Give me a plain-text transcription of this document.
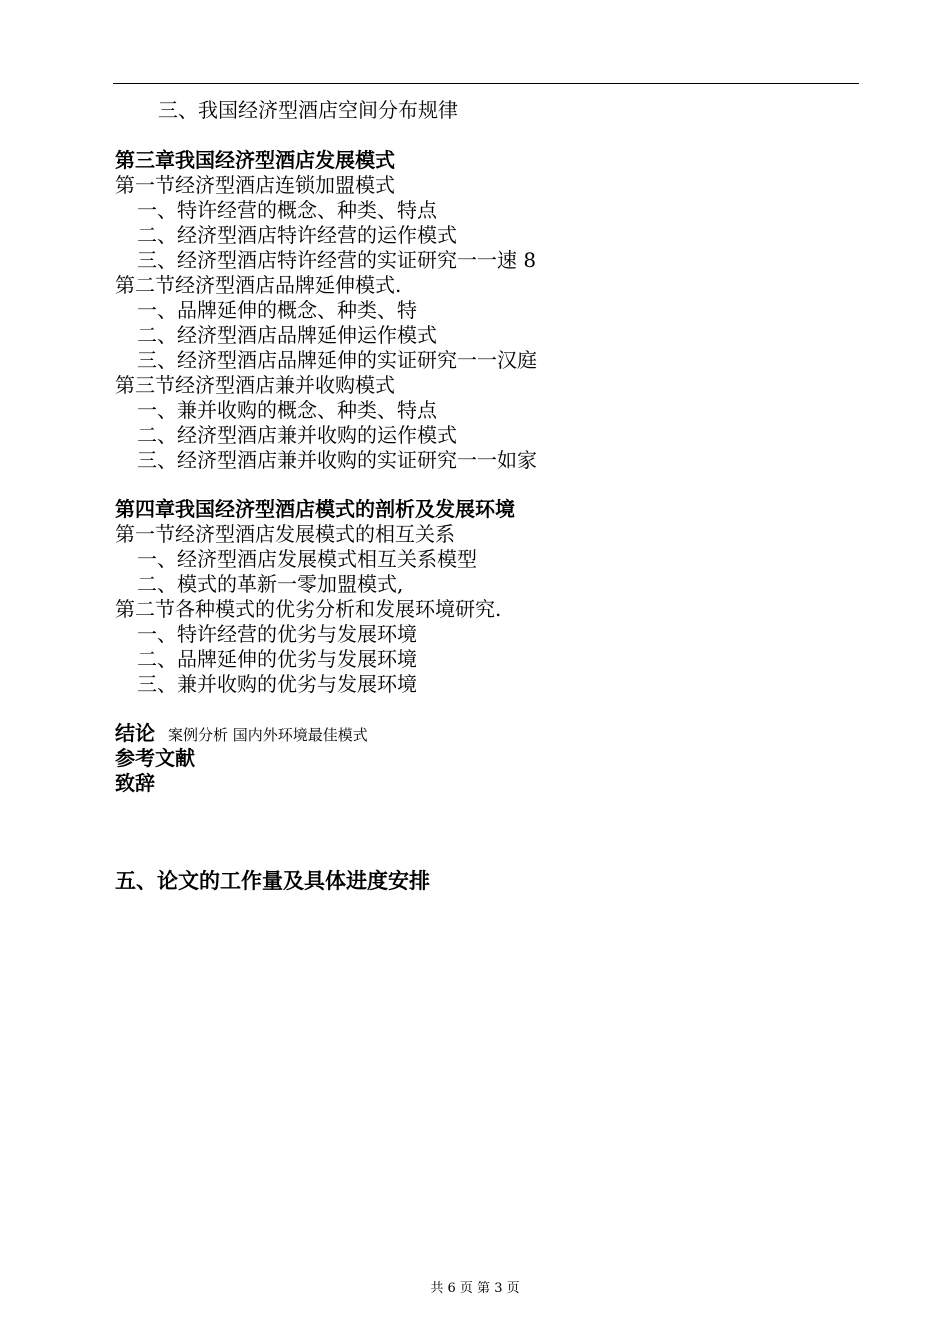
三、我国经济型酒店空间分布规律
第三章我国经济型酒店发展模式
第一节经济型酒店连锁加盟模式
一、特许经营的概念、种类、特点
二、经济型酒店特许经营的运作模式
三、经济型酒店特许经营的实证研究一一速 8
第二节经济型酒店品牌延伸模式.
一、品牌延伸的概念、种类、特
二、经济型酒店品牌延伸运作模式
三、经济型酒店品牌延伸的实证研究一一汉庭
第三节经济型酒店兼并收购模式
一、兼并收购的概念、种类、特点
二、经济型酒店兼并收购的运作模式
三、经济型酒店兼并收购的实证研究一一如家
第四章我国经济型酒店模式的剖析及发展环境
第一节经济型酒店发展模式的相互关系
一、经济型酒店发展模式相互关系模型
二、模式的革新一零加盟模式,
第二节各种模式的优劣分析和发展环境研究.
一、特许经营的优劣与发展环境
二、品牌延伸的优劣与发展环境
三、兼并收购的优劣与发展环境
结论 案例分析 国内外环境最佳模式
参考文献
致辞
五、论文的工作量及具体进度安排
共 6 页 第 3 页
